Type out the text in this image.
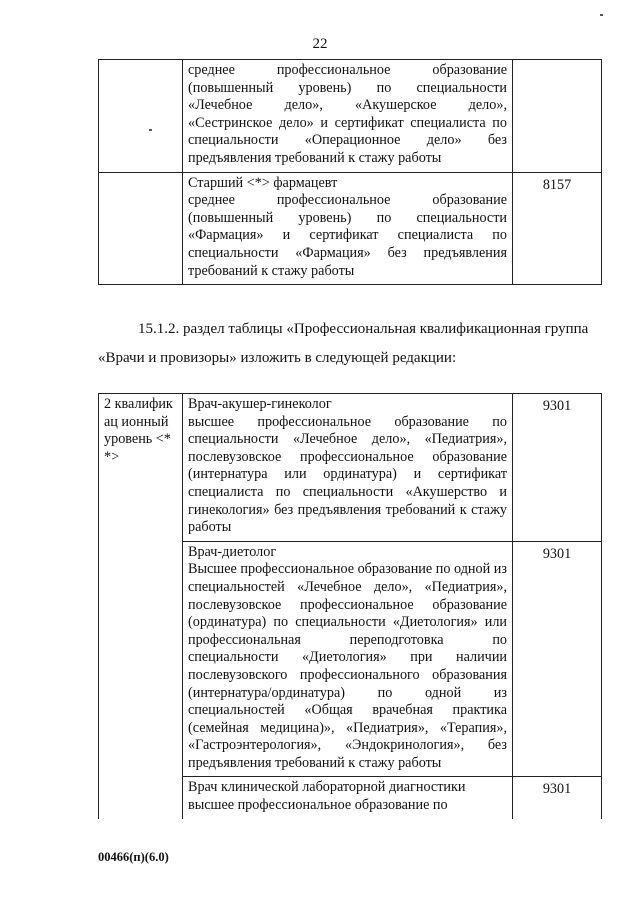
22

	среднее профессиональное образование (повышенный уровень) по специальности «Лечебное дело», «Акушерское дело», «Сестринское дело» и сертификат специалиста по специальности «Операционное дело» без предъявления требований к стажу работы	

	Старший <*> фармацевт
среднее профессиональное образование (повышенный уровень) по специальности «Фармация» и сертификат специалиста по специальности «Фармация» без предъявления требований к стажу работы	8157
15.1.2. раздел таблицы «Профессиональная квалификационная группа
«Врачи и провизоры» изложить в следующей редакции:
2 квалификац ионный уровень <**>	Врач-акушер-гинеколог
высшее профессиональное образование по специальности «Лечебное дело», «Педиатрия», послевузовское профессиональное образование (интернатура или ординатура) и сертификат специалиста по специальности «Акушерство и гинекология» без предъявления требований к стажу работы	9301

	Врач-диетолог
Высшее профессиональное образование по одной из специальностей «Лечебное дело», «Педиатрия», послевузовское профессиональное образование (ординатура) по специальности «Диетология» или профессиональная переподготовка по специальности «Диетология» при наличии послевузовского профессионального образования (интернатура/ординатура) по одной из специальностей «Общая врачебная практика (семейная медицина)», «Педиатрия», «Терапия», «Гастроэнтерология», «Эндокринология», без предъявления требований к стажу работы	9301

	Врач клинической лабораторной диагностики
высшее профессиональное образование по	9301
00466(п)(6.0)
